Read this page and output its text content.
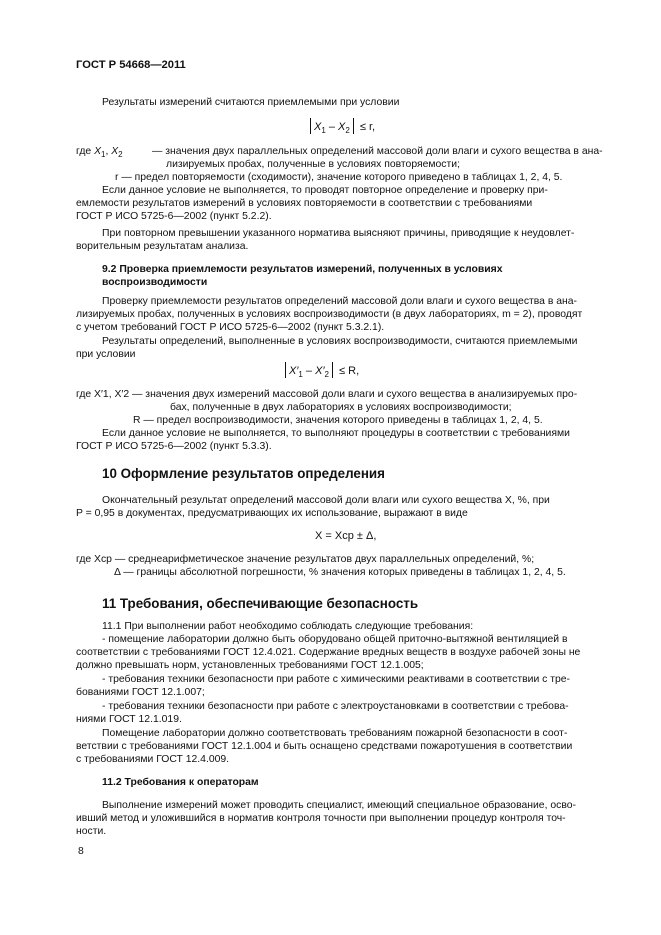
ГОСТ Р 54668—2011
Результаты измерений считаются приемлемыми при условии
$X_1 - X_2 \le r$,
где $X_1$, $X_2$	— значения двух параллельных определений массовой доли влаги и сухого вещества в ана-
лизируемых пробах, полученные в условиях повторяемости;
r — предел повторяемости (сходимости), значение которого приведено в таблицах 1, 2, 4, 5.
Если данное условие не выполняется, то проводят повторное определение и проверку при-
емлемости результатов измерений в условиях повторяемости в соответствии с требованиями
ГОСТ Р ИСО 5725-6—2002 (пункт 5.2.2).
При повторном превышении указанного норматива выясняют причины, приводящие к неудовлет-
ворительным результатам анализа.
9.2 Проверка приемлемости результатов измерений, полученных в условиях
воспроизводимости
Проверку приемлемости результатов определений массовой доли влаги и сухого вещества в ана-
лизируемых пробах, полученных в условиях воспроизводимости (в двух лабораториях, m = 2), проводят
с учетом требований ГОСТ Р ИСО 5725-6—2002 (пункт 5.3.2.1).
Результаты определений, выполненные в условиях воспроизводимости, считаются приемлемыми
при условии
$X'_1 - X'_2 \le R$,
где X′1, X′2 — значения двух измерений массовой доли влаги и сухого вещества в анализируемых про-
бах, полученные в двух лабораториях в условиях воспроизводимости;
R — предел воспроизводимости, значения которого приведены в таблицах 1, 2, 4, 5.
Если данное условие не выполняется, то выполняют процедуры в соответствии с требованиями
ГОСТ Р ИСО 5725-6—2002 (пункт 5.3.3).
10 Оформление результатов определения
Окончательный результат определений массовой доли влаги или сухого вещества X, %, при
P = 0,95 в документах, предусматривающих их использование, выражают в виде
X = Xср ± Δ,
где Xср — среднеарифметическое значение результатов двух параллельных определений, %;
Δ — границы абсолютной погрешности, % значения которых приведены в таблицах 1, 2, 4, 5.
11 Требования, обеспечивающие безопасность
11.1 При выполнении работ необходимо соблюдать следующие требования:
- помещение лаборатории должно быть оборудовано общей приточно-вытяжной вентиляцией в
соответствии с требованиями ГОСТ 12.4.021. Содержание вредных веществ в воздухе рабочей зоны не
должно превышать норм, установленных требованиями ГОСТ 12.1.005;
- требования техники безопасности при работе с химическими реактивами в соответствии с тре-
бованиями ГОСТ 12.1.007;
- требования техники безопасности при работе с электроустановками в соответствии с требова-
ниями ГОСТ 12.1.019.
Помещение лаборатории должно соответствовать требованиям пожарной безопасности в соот-
ветствии с требованиями ГОСТ 12.1.004 и быть оснащено средствами пожаротушения в соответствии
с требованиями ГОСТ 12.4.009.
11.2 Требования к операторам
Выполнение измерений может проводить специалист, имеющий специальное образование, осво-
ивший метод и уложившийся в норматив контроля точности при выполнении процедур контроля точ-
ности.
8
